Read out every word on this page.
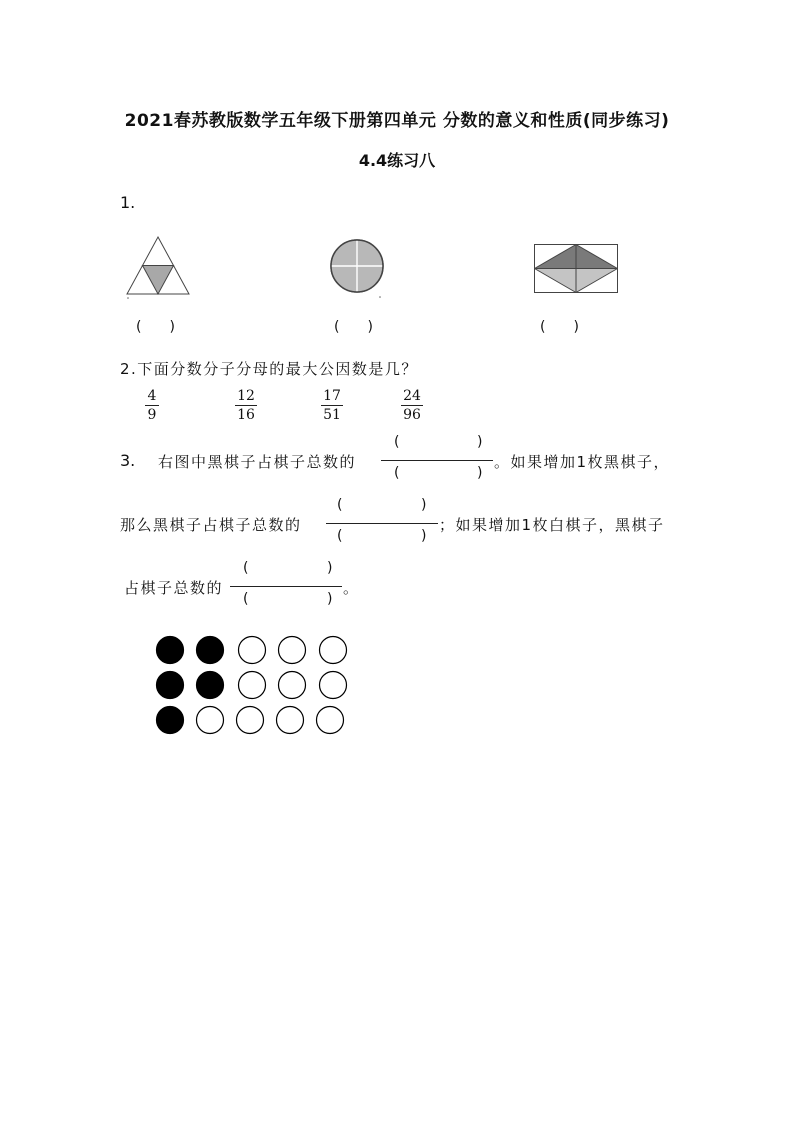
2021春苏教版数学五年级下册第四单元 分数的意义和性质(同步练习)
4.4练习八
1.
(　　)	(　　)	(　　)
2.下面分数分子分母的最大公因数是几？
4
9
12
16
17
51
24
96
3. 右图中黑棋子占棋子总数的
(	)
(	)
。如果增加1枚黑棋子，
那么黑棋子占棋子总数的
(	)
(	)
；如果增加1枚白棋子，黑棋子
占棋子总数的
(	)
(	)
。
